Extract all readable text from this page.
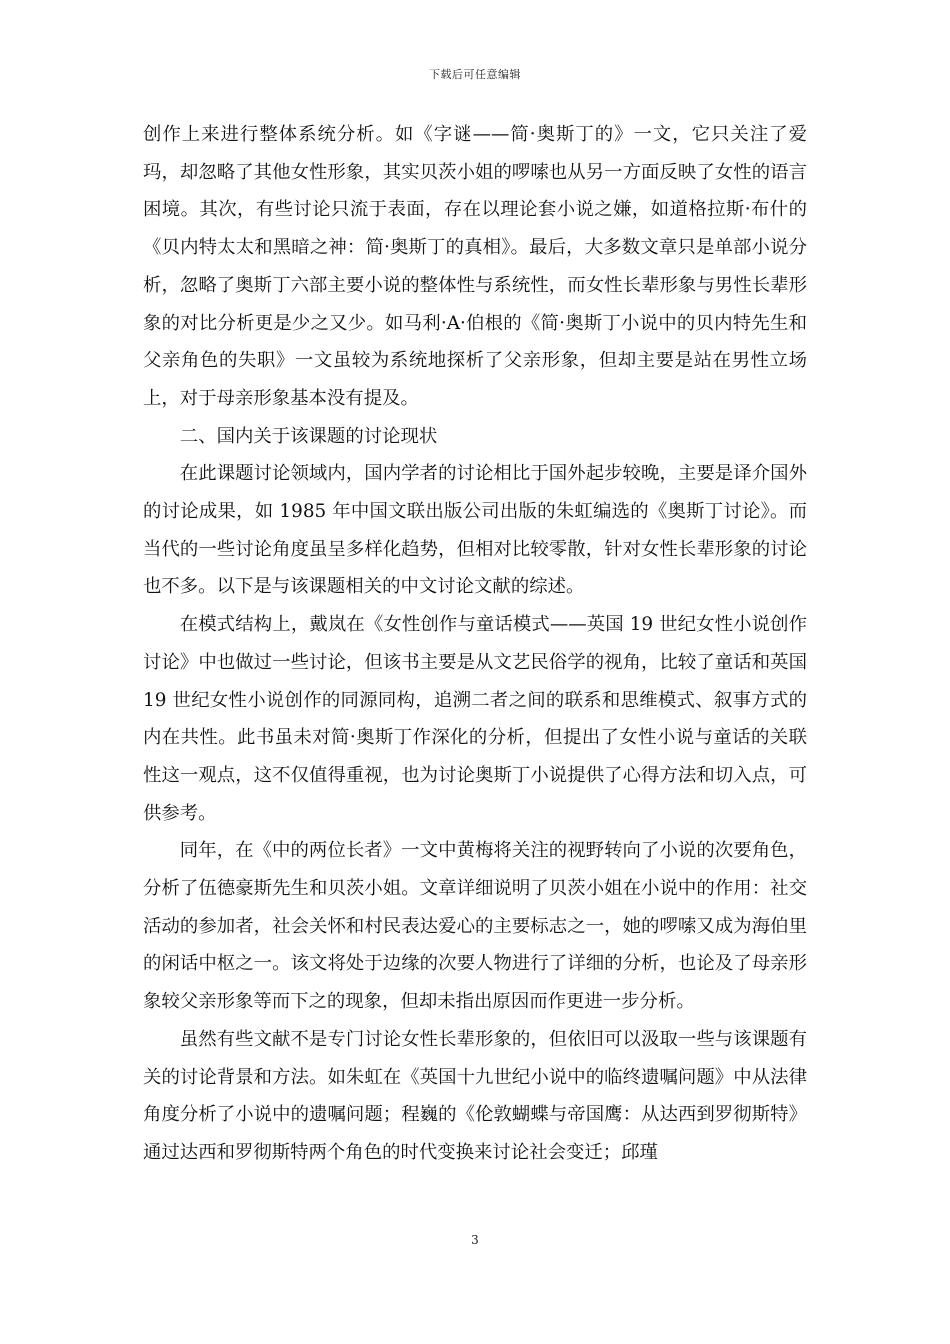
下载后可任意编辑

创作上来进行整体系统分析。如《字谜——简·奥斯丁的》一文，它只关注了爱玛，却忽略了其他女性形象，其实贝茨小姐的啰嗦也从另一方面反映了女性的语言困境。其次，有些讨论只流于表面，存在以理论套小说之嫌，如道格拉斯·布什的《贝内特太太和黑暗之神：简·奥斯丁的真相》。最后，大多数文章只是单部小说分析，忽略了奥斯丁六部主要小说的整体性与系统性，而女性长辈形象与男性长辈形象的对比分析更是少之又少。如马利·A·伯根的《简·奥斯丁小说中的贝内特先生和父亲角色的失职》一文虽较为系统地探析了父亲形象，但却主要是站在男性立场上，对于母亲形象基本没有提及。

二、国内关于该课题的讨论现状

在此课题讨论领域内，国内学者的讨论相比于国外起步较晚，主要是译介国外的讨论成果，如 1985 年中国文联出版公司出版的朱虹编选的《奥斯丁讨论》。而当代的一些讨论角度虽呈多样化趋势，但相对比较零散，针对女性长辈形象的讨论也不多。以下是与该课题相关的中文讨论文献的综述。

在模式结构上，戴岚在《女性创作与童话模式——英国 19 世纪女性小说创作讨论》中也做过一些讨论，但该书主要是从文艺民俗学的视角，比较了童话和英国 19 世纪女性小说创作的同源同构，追溯二者之间的联系和思维模式、叙事方式的内在共性。此书虽未对简·奥斯丁作深化的分析，但提出了女性小说与童话的关联性这一观点，这不仅值得重视，也为讨论奥斯丁小说提供了心得方法和切入点，可供参考。

同年，在《中的两位长者》一文中黄梅将关注的视野转向了小说的次要角色，分析了伍德豪斯先生和贝茨小姐。文章详细说明了贝茨小姐在小说中的作用：社交活动的参加者，社会关怀和村民表达爱心的主要标志之一，她的啰嗦又成为海伯里的闲话中枢之一。该文将处于边缘的次要人物进行了详细的分析，也论及了母亲形象较父亲形象等而下之的现象，但却未指出原因而作更进一步分析。

虽然有些文献不是专门讨论女性长辈形象的，但依旧可以汲取一些与该课题有关的讨论背景和方法。如朱虹在《英国十九世纪小说中的临终遗嘱问题》中从法律角度分析了小说中的遗嘱问题；程巍的《伦敦蝴蝶与帝国鹰：从达西到罗彻斯特》通过达西和罗彻斯特两个角色的时代变换来讨论社会变迁；邱瑾

3
